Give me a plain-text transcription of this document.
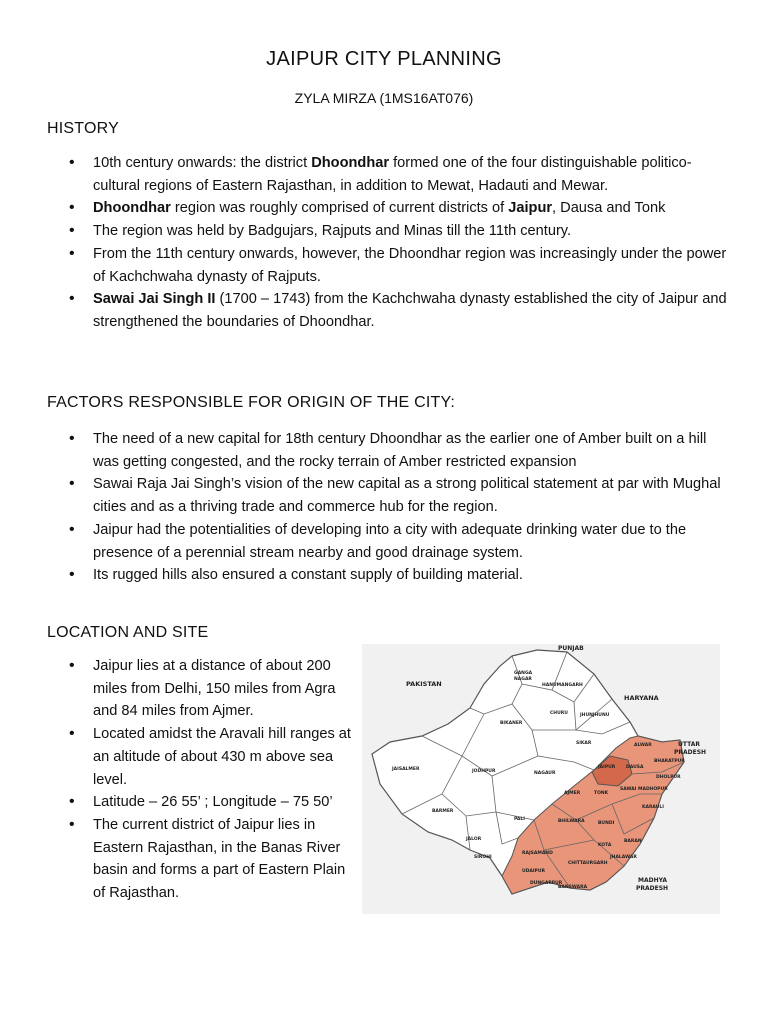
JAIPUR CITY PLANNING
ZYLA MIRZA (1MS16AT076)
HISTORY
• 10th century onwards: the district Dhoondhar formed one of the four distinguishable politico-cultural regions of Eastern Rajasthan, in addition to Mewat, Hadauti and Mewar.
• Dhoondhar region was roughly comprised of current districts of Jaipur, Dausa and Tonk
• The region was held by Badgujars, Rajputs and Minas till the 11th century.
• From the 11th century onwards, however, the Dhoondhar region was increasingly under the power of Kachchwaha dynasty of Rajputs.
• Sawai Jai Singh II (1700 – 1743) from the Kachchwaha dynasty established the city of Jaipur and strengthened the boundaries of Dhoondhar.
FACTORS RESPONSIBLE FOR ORIGIN OF THE CITY:
• The need of a new capital for 18th century Dhoondhar as the earlier one of Amber built on a hill was getting congested, and the rocky terrain of Amber restricted expansion
• Sawai Raja Jai Singh’s vision of the new capital as a strong political statement at par with Mughal cities and as a thriving trade and commerce hub for the region.
• Jaipur had the potentialities of developing into a city with adequate drinking water due to the presence of a perennial stream nearby and good drainage system.
• Its rugged hills also ensured a constant supply of building material.
LOCATION AND SITE
• Jaipur lies at a distance of about 200 miles from Delhi, 150 miles from Agra and 84 miles from Ajmer.
• Located amidst the Aravali hill ranges at an altitude of about 430 m above sea level.
• Latitude – 26 55’ ; Longitude – 75 50’
• The current district of Jaipur lies in Eastern Rajasthan, in the Banas River basin and forms a part of Eastern Plain of Rajasthan.
PUNJAB
PAKISTAN
HARYANA
UTTAR
PRADESH
MADHYA
PRADESH
GANGA
NAGAR
HANUMANGARH
BIKANER
CHURU	JHUNJHUNU
SIKAR	ALWAR
BHARATPUR
DHOLPUR
JAISALMER	JODHPUR	NAGAUR
JAIPUR DAUSA
AJMER	TONK
SAWAI MADHOPUR
KARAULI
BARMER
PALI	BHILWARA	BUNDI
JALOR
SIROHI
RAJSAMAND
CHITTAURGARH
KOTA
BARAN
UDAIPUR
JHALAWAR
DUNGARPUR
BANSWARA
